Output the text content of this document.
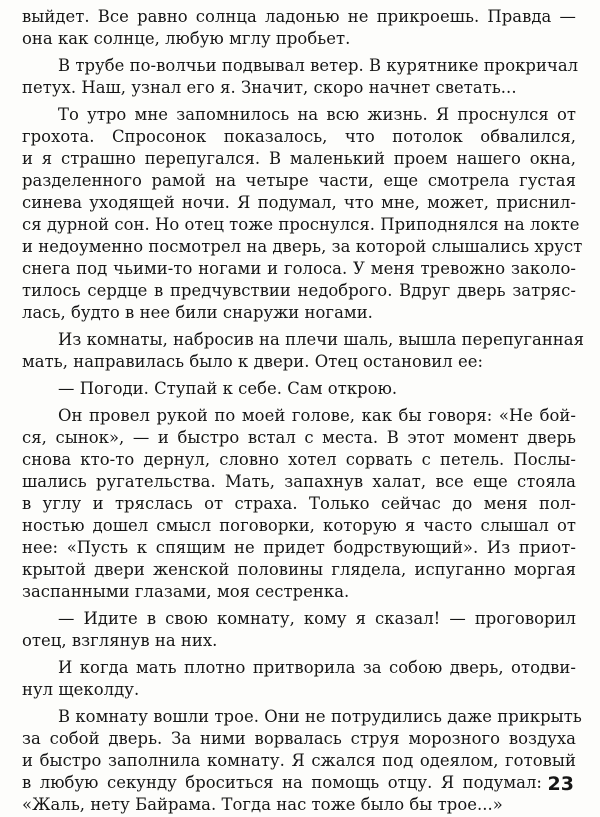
выйдет. Все равно солнца ладонью не прикроешь. Правда —
она как солнце, любую мглу пробьет.
В трубе по-волчьи подвывал ветер. В курятнике прокричал
петух. Наш, узнал его я. Значит, скоро начнет светать...
То утро мне запомнилось на всю жизнь. Я проснулся от
грохота. Спросонок показалось, что потолок обвалился,
и я страшно перепугался. В маленький проем нашего окна,
разделенного рамой на четыре части, еще смотрела густая
синева уходящей ночи. Я подумал, что мне, может, приснил-
ся дурной сон. Но отец тоже проснулся. Приподнялся на локте
и недоуменно посмотрел на дверь, за которой слышались хруст
снега под чьими-то ногами и голоса. У меня тревожно заколо-
тилось сердце в предчувствии недоброго. Вдруг дверь затряс-
лась, будто в нее били снаружи ногами.
Из комнаты, набросив на плечи шаль, вышла перепуганная
мать, направилась было к двери. Отец остановил ее:
— Погоди. Ступай к себе. Сам открою.
Он провел рукой по моей голове, как бы говоря: «Не бой-
ся, сынок», — и быстро встал с места. В этот момент дверь
снова кто-то дернул, словно хотел сорвать с петель. Послы-
шались ругательства. Мать, запахнув халат, все еще стояла
в углу и тряслась от страха. Только сейчас до меня пол-
ностью дошел смысл поговорки, которую я часто слышал от
нее: «Пусть к спящим не придет бодрствующий». Из приот-
крытой двери женской половины глядела, испуганно моргая
заспанными глазами, моя сестренка.
— Идите в свою комнату, кому я сказал! — проговорил
отец, взглянув на них.
И когда мать плотно притворила за собою дверь, отодви-
нул щеколду.
В комнату вошли трое. Они не потрудились даже прикрыть
за собой дверь. За ними ворвалась струя морозного воздуха
и быстро заполнила комнату. Я сжался под одеялом, готовый
в любую секунду броситься на помощь отцу. Я подумал:
«Жаль, нету Байрама. Тогда нас тоже было бы трое...»
23
